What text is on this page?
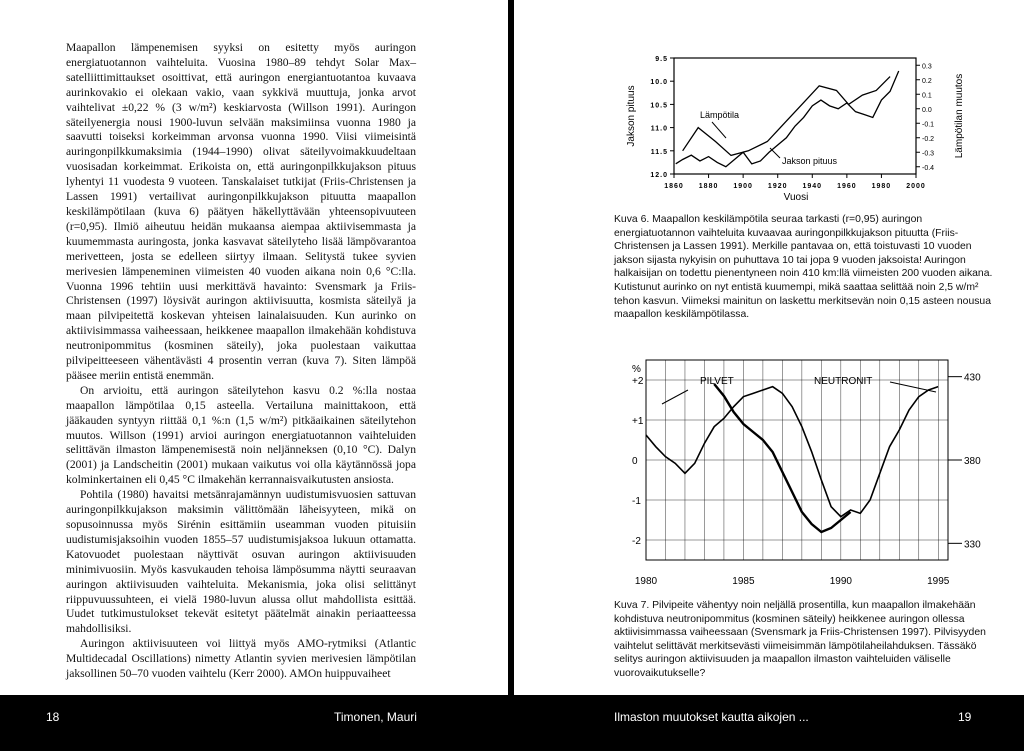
Maapallon lämpenemisen syyksi on esitetty myös auringon energiatuotannon vaihteluita. Vuosina 1980–89 tehdyt Solar Max–satelliittimittaukset osoittivat, että auringon energiantuotantoa kuvaava aurinkovakio ei olekaan vakio, vaan sykkivä muuttuja, jonka arvot vaihtelivat ±0,22 % (3 w/m²) keskiarvosta (Willson 1991). Auringon säteilyenergia nousi 1900-luvun selvään maksimiinsa vuonna 1980 ja saavutti toiseksi korkeimman arvonsa vuonna 1990. Viisi viimeisintä auringonpilkkumaksimia (1944–1990) olivat säteilyvoimakkuudeltaan vuosisadan korkeimmat. Erikoista on, että auringonpilkkujakson pituus lyhentyi 11 vuodesta 9 vuoteen. Tanskalaiset tutkijat (Friis-Christensen ja Lassen 1991) vertailivat auringonpilkkujakson pituutta maapallon keskilämpötilaan (kuva 6) päätyen häkellyttävään yhteensopivuuteen (r=0,95). Ilmiö aiheutuu heidän mukaansa aiempaa aktiivisemmasta ja kuumemmasta auringosta, jonka kasvavat säteilyteho lisää lämpövarantoa merivetteen, josta se edelleen siirtyy ilmaan. Selitystä tukee syvien merivesien lämpeneminen viimeisten 40 vuoden aikana noin 0,6 °C:lla. Vuonna 1996 tehtiin uusi merkittävä havainto: Svensmark ja Friis-Christensen (1997) löysivät auringon aktiivisuutta, kosmista säteilyä ja maan pilvipeitettä koskevan yhteisen lainalaisuuden. Kun aurinko on aktiivisimmassa vaiheessaan, heikkenee maapallon ilmakehään kohdistuva neutronipommitus (kosminen säteily), joka puolestaan vaikuttaa pilvipeitteeseen vähentävästi 4 prosentin verran (kuva 7). Siten lämpöä pääsee meriin entistä enemmän.

On arvioitu, että auringon säteilytehon kasvu 0.2 %:lla nostaa maapallon lämpötilaa 0,15 asteella. Vertailuna mainittakoon, että jääkauden syntyyn riittää 0,1 %:n (1,5 w/m²) pitkäaikainen säteilytehon muutos. Willson (1991) arvioi auringon energiatuotannon vaihteluiden selittävän ilmaston lämpenemisestä noin neljänneksen (0,10 °C). Dalyn (2001) ja Landscheitin (2001) mukaan vaikutus voi olla käytännössä jopa kolminkertainen eli 0,45 °C ilmakehän kerrannaisvaikutusten ansiosta.

Pohtila (1980) havaitsi metsänrajamännyn uudistumisvuosien sattuvan auringonpilkkujakson maksimin välittömään läheisyyteen, mikä on sopusoinnussa myös Sirénin esittämiin useamman vuoden pituisiin uudistumisjaksoihin vuoden 1855–57 uudistumisjaksoa lukuun ottamatta. Katovuodet puolestaan näyttivät osuvan auringon aktiivisuuden minimivuosiin. Myös kasvukauden tehoisa lämpösumma näytti seuraavan auringon aktiivisuuden vaihteluita. Mekanismia, joka olisi selittänyt riippuvuussuhteen, ei vielä 1980-luvun alussa ollut mahdollista esittää. Uudet tutkimustulokset tekevät esitetyt päätelmät ainakin periaatteessa mahdollisiksi.

Auringon aktiivisuuteen voi liittyä myös AMO-rytmiksi (Atlantic Multidecadal Oscillations) nimetty Atlantin syvien merivesien lämpötilan jaksollinen 50–70 vuoden vaihtelu (Kerr 2000). AMOn huippuvaiheet

1860 1880 1900 1920 1940 1960 1980 2000
9.5
10.0
10.5
11.0
11.5
12.0
0.3
0.2
0.1
0.0
-0.1
-0.2
-0.3
-0.4
Vuosi
Jakson pituus	Lämpötilan muutos
Lämpötila
Jakson pituus

Kuva 6. Maapallon keskilämpötila seuraa tarkasti (r=0,95) auringon energiatuotannon vaihteluita kuvaavaa auringonpilkkujakson pituutta (Friis-Christensen ja Lassen 1991). Merkille pantavaa on, että toistuvasti 10 vuoden jakson sijasta nykyisin on puhuttava 10 tai jopa 9 vuoden jaksoista! Auringon halkaisijan on todettu pienentyneen noin 410 km:llä viimeisten 200 vuoden aikana. Kutistunut aurinko on nyt entistä kuumempi, mikä saattaa selittää noin 2,5 w/m² tehon kasvun. Viimeksi mainitun on laskettu merkitsevän noin 0,15 asteen nousua maapallon keskilämpötilassa.

%
+2
+1
0
-1
-2
430
380
330
1980	1985	1990	1995
PILVET	NEUTRONIT

Kuva 7. Pilvipeite vähentyy noin neljällä prosentilla, kun maapallon ilmakehään kohdistuva neutronipommitus (kosminen säteily) heikkenee auringon ollessa aktiivisimmassa vaiheessaan (Svensmark ja Friis-Christensen 1997). Pilvisyyden vaihtelut selittävät merkitsevästi viimeisimmän lämpötilaheilahduksen. Tässäkö selitys auringon aktiivisuuden ja maapallon ilmaston vaihteluiden väliselle vuorovaikutukselle?

18	Timonen, Mauri	Ilmaston muutokset kautta aikojen ...	19
